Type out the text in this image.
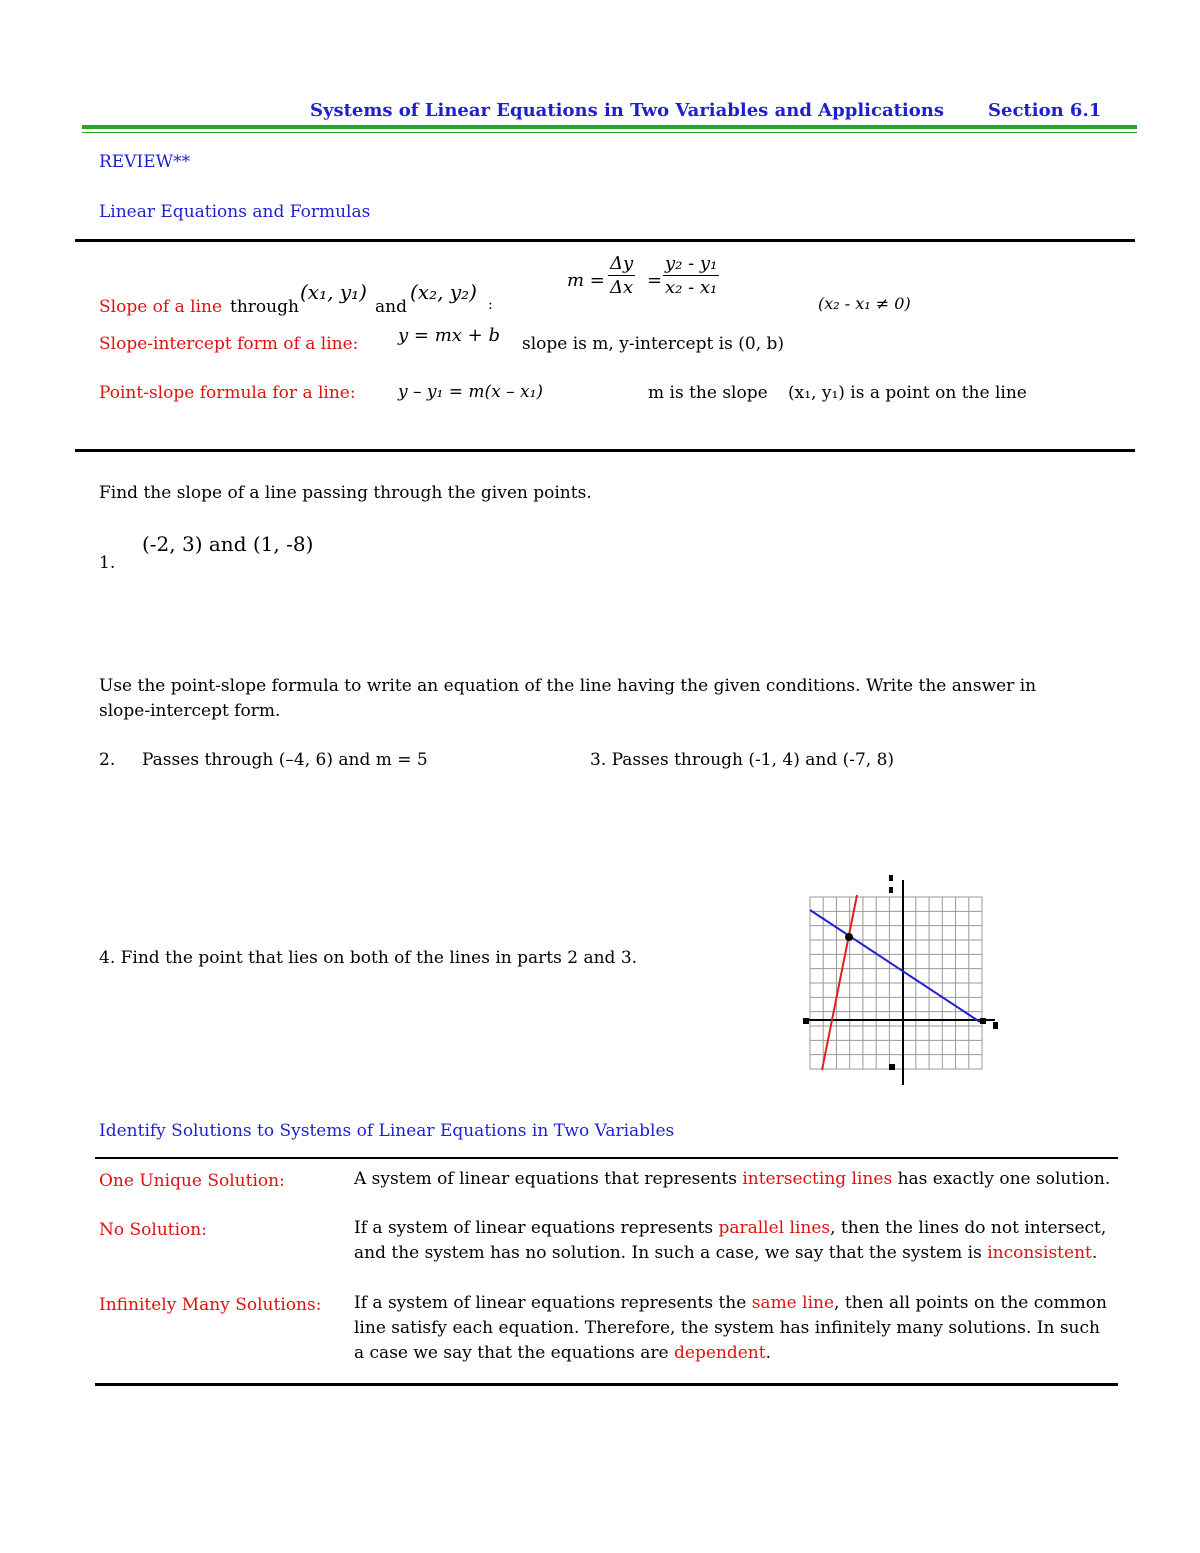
Systems of Linear Equations in Two Variables and Applications Section 6.1
REVIEW**
Linear Equations and Formulas
Slope of a line through
(x₁, y₁)
and
(x₂, y₂)
:
m =
Δy
Δx =
y₂ - y₁
x₂ - x₁
(x₂ - x₁ ≠ 0)
Slope-intercept form of a line: y = mx + b slope is m, y-intercept is (0, b)
Point-slope formula for a line: y – y₁ = m(x – x₁)	m is the slope (x₁, y₁) is a point on the line
Find the slope of a line passing through the given points.
(-2, 3) and (1, -8)
1.
Use the point-slope formula to write an equation of the line having the given conditions. Write the answer in slope-intercept form.
2. Passes through (–4, 6) and m = 5	3. Passes through (-1, 4) and (-7, 8)
4. Find the point that lies on both of the lines in parts 2 and 3.
Identify Solutions to Systems of Linear Equations in Two Variables
One Unique Solution:	A system of linear equations that represents intersecting lines has exactly one solution.
No Solution:	If a system of linear equations represents parallel lines, then the lines do not intersect, and the system has no solution. In such a case, we say that the system is inconsistent.
Infinitely Many Solutions: If a system of linear equations represents the same line, then all points on the common line satisfy each equation. Therefore, the system has infinitely many solutions. In such a case we say that the equations are dependent.
